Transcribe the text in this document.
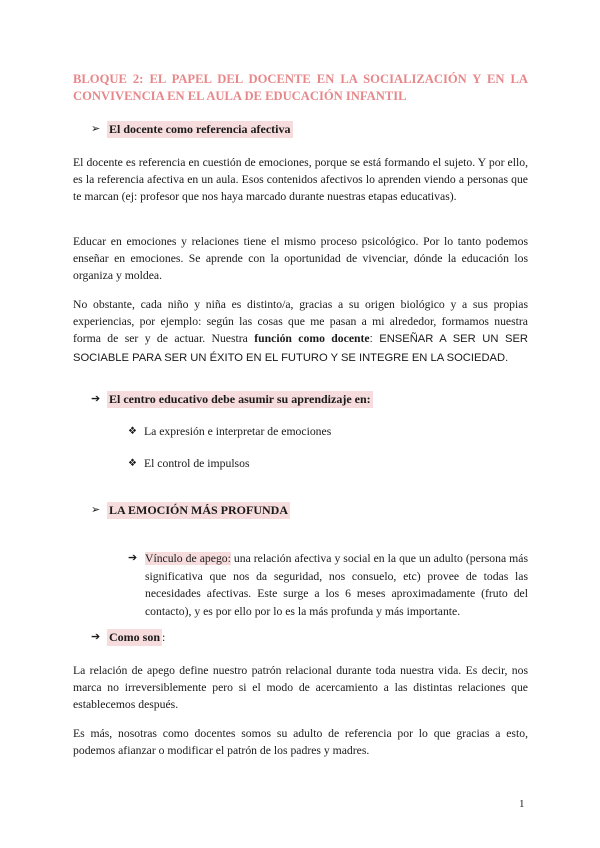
BLOQUE 2: EL PAPEL DEL DOCENTE EN LA SOCIALIZACIÓN Y EN LA CONVIVENCIA EN EL AULA DE EDUCACIÓN INFANTIL
➢ El docente como referencia afectiva

El docente es referencia en cuestión de emociones, porque se está formando el sujeto. Y por ello, es la referencia afectiva en un aula. Esos contenidos afectivos lo aprenden viendo a personas que te marcan (ej: profesor que nos haya marcado durante nuestras etapas educativas).

Educar en emociones y relaciones tiene el mismo proceso psicológico. Por lo tanto podemos enseñar en emociones. Se aprende con la oportunidad de vivenciar, dónde la educación los organiza y moldea.

No obstante, cada niño y niña es distinto/a, gracias a su origen biológico y a sus propias experiencias, por ejemplo: según las cosas que me pasan a mi alrededor, formamos nuestra forma de ser y de actuar. Nuestra función como docente: ENSEÑAR A SER UN SER SOCIABLE PARA SER UN ÉXITO EN EL FUTURO Y SE INTEGRE EN LA SOCIEDAD.

➔ El centro educativo debe asumir su aprendizaje en:
❖ La expresión e interpretar de emociones
❖ El control de impulsos
➢ LA EMOCIÓN MÁS PROFUNDA
➔ Vínculo de apego: una relación afectiva y social en la que un adulto (persona más significativa que nos da seguridad, nos consuelo, etc) provee de todas las necesidades afectivas. Este surge a los 6 meses aproximadamente (fruto del contacto), y es por ello por lo es la más profunda y más importante.
➔ Como son :

La relación de apego define nuestro patrón relacional durante toda nuestra vida. Es decir, nos marca no irreversiblemente pero si el modo de acercamiento a las distintas relaciones que establecemos después.

Es más, nosotras como docentes somos su adulto de referencia por lo que gracias a esto, podemos afianzar o modificar el patrón de los padres y madres.

1
